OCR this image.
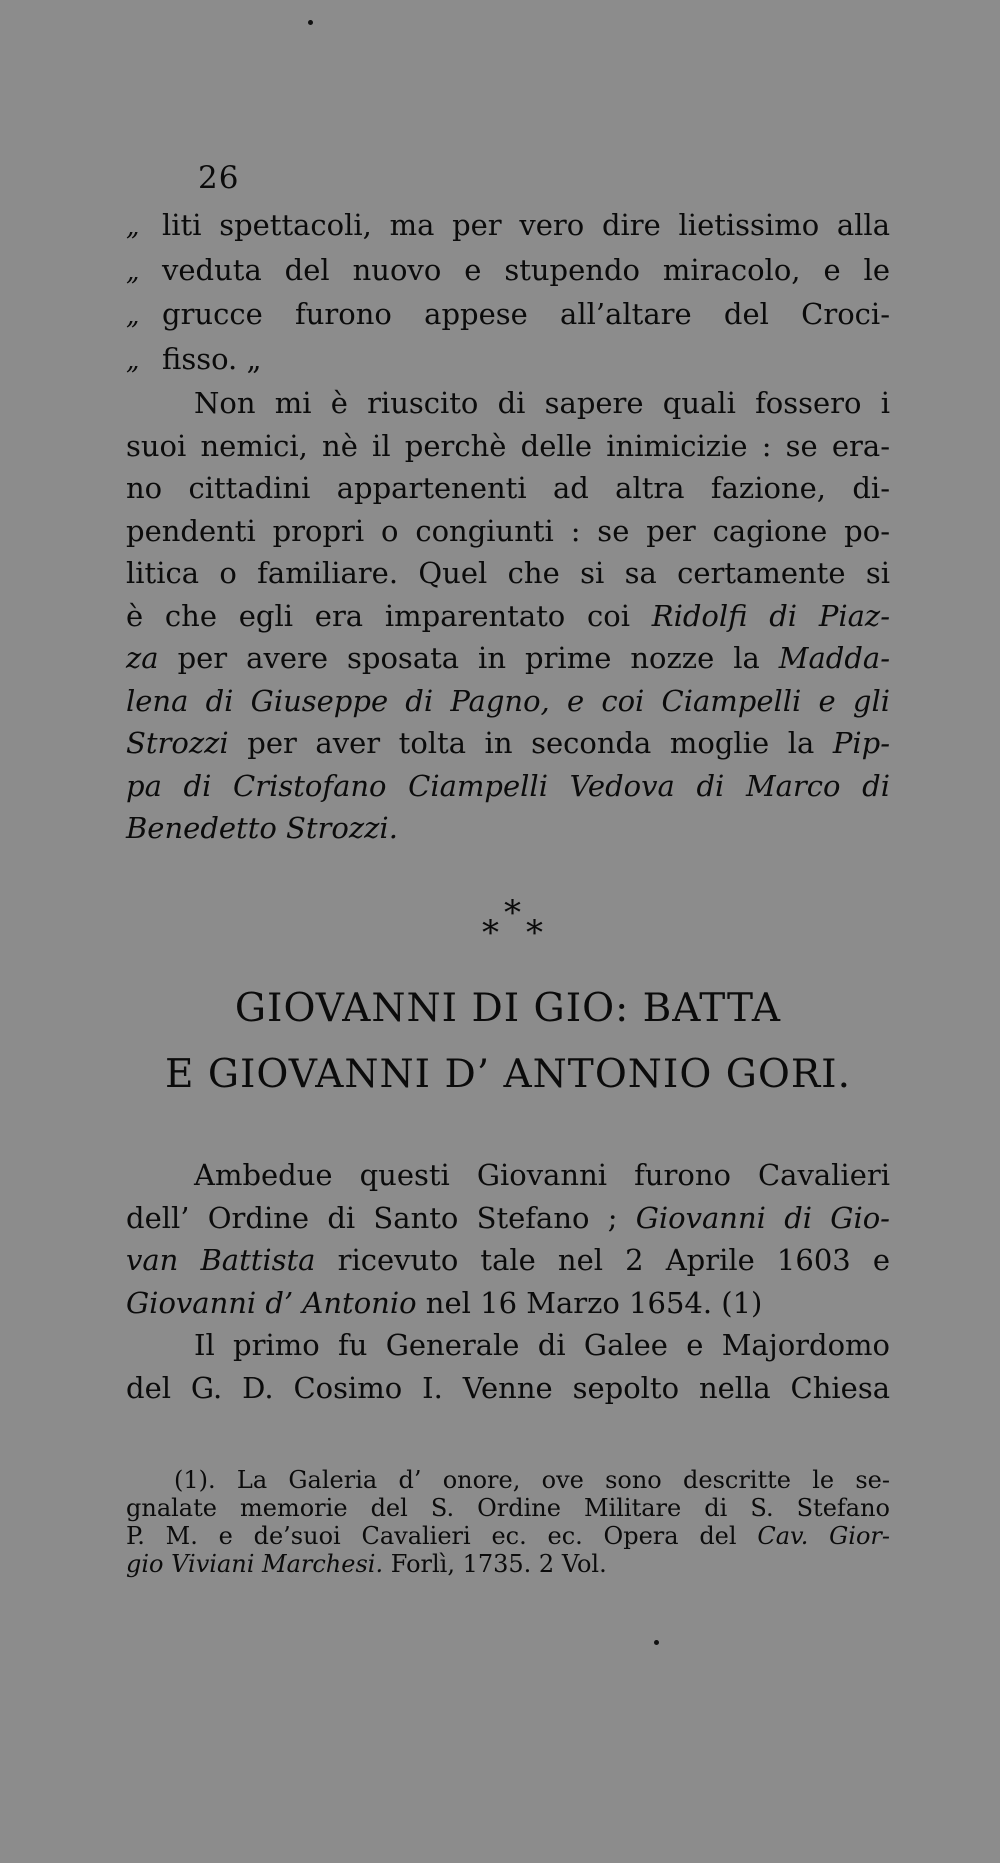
26
„ liti spettacoli, ma per vero dire lietissimo alla
„ veduta del nuovo e stupendo miracolo, e le
„ grucce furono appese all’altare del Croci-
„ fisso. „
Non mi è riuscito di sapere quali fossero i
suoi nemici, nè il perchè delle inimicizie : se era-
no cittadini appartenenti ad altra fazione, di-
pendenti propri o congiunti : se per cagione po-
litica o familiare. Quel che si sa certamente si
è che egli era imparentato coi Ridolfi di Piaz-
za per avere sposata in prime nozze la Madda-
lena di Giuseppe di Pagno, e coi Ciampelli e gli
Strozzi per aver tolta in seconda moglie la Pip-
pa di Cristofano Ciampelli Vedova di Marco di
Benedetto Strozzi.
*
* *
GIOVANNI DI GIO: BATTA
E GIOVANNI D’ ANTONIO GORI.
Ambedue questi Giovanni furono Cavalieri
dell’ Ordine di Santo Stefano ; Giovanni di Gio-
van Battista ricevuto tale nel 2 Aprile 1603 e
Giovanni d’ Antonio nel 16 Marzo 1654. (1)
Il primo fu Generale di Galee e Majordomo
del G. D. Cosimo I. Venne sepolto nella Chiesa
(1). La Galeria d’ onore, ove sono descritte le se-
gnalate memorie del S. Ordine Militare di S. Stefano
P. M. e de’suoi Cavalieri ec. ec. Opera del Cav. Gior-
gio Viviani Marchesi. Forlì, 1735. 2 Vol.
